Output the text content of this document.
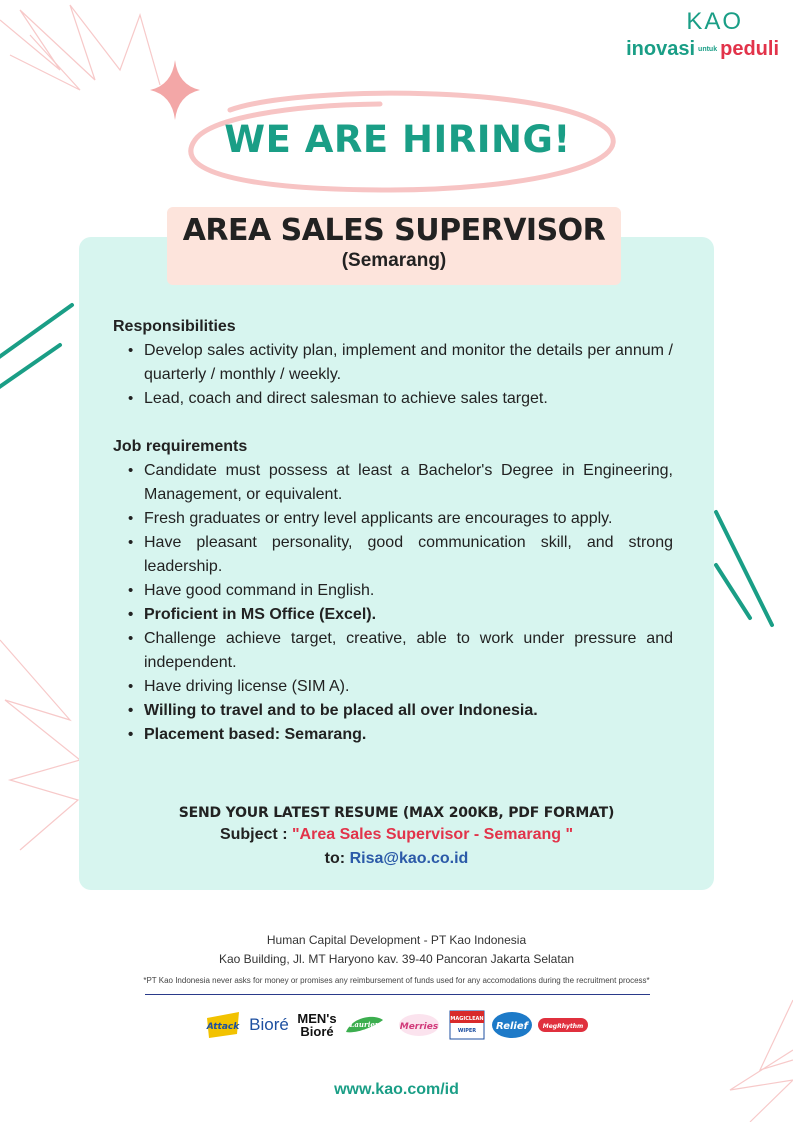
KAO
inovasi untuk peduli
WE ARE HIRING!
AREA SALES SUPERVISOR
(Semarang)
Responsibilities
• Develop sales activity plan, implement and monitor the details per annum / quarterly / monthly / weekly.
• Lead, coach and direct salesman to achieve sales target.
Job requirements
• Candidate must possess at least a Bachelor's Degree in Engineering, Management, or equivalent.
• Fresh graduates or entry level applicants are encourages to apply.
• Have pleasant personality, good communication skill, and strong leadership.
• Have good command in English.
• Proficient in MS Office (Excel).
• Challenge achieve target, creative, able to work under pressure and independent.
• Have driving license (SIM A).
• Willing to travel and to be placed all over Indonesia.
• Placement based: Semarang.
SEND YOUR LATEST RESUME (MAX 200KB, PDF FORMAT)
Subject : "Area Sales Supervisor - Semarang "
to: Risa@kao.co.id
Human Capital Development - PT Kao Indonesia
Kao Building, Jl. MT Haryono kav. 39-40 Pancoran Jakarta Selatan
*PT Kao Indonesia never asks for money or promises any reimbursement of funds used for any accomodations during the recruitment process*
Attack Bioré MEN's Bioré	Laurier Merries
MAGICLEAN
WIPER Relief MegRhythm
www.kao.com/id
